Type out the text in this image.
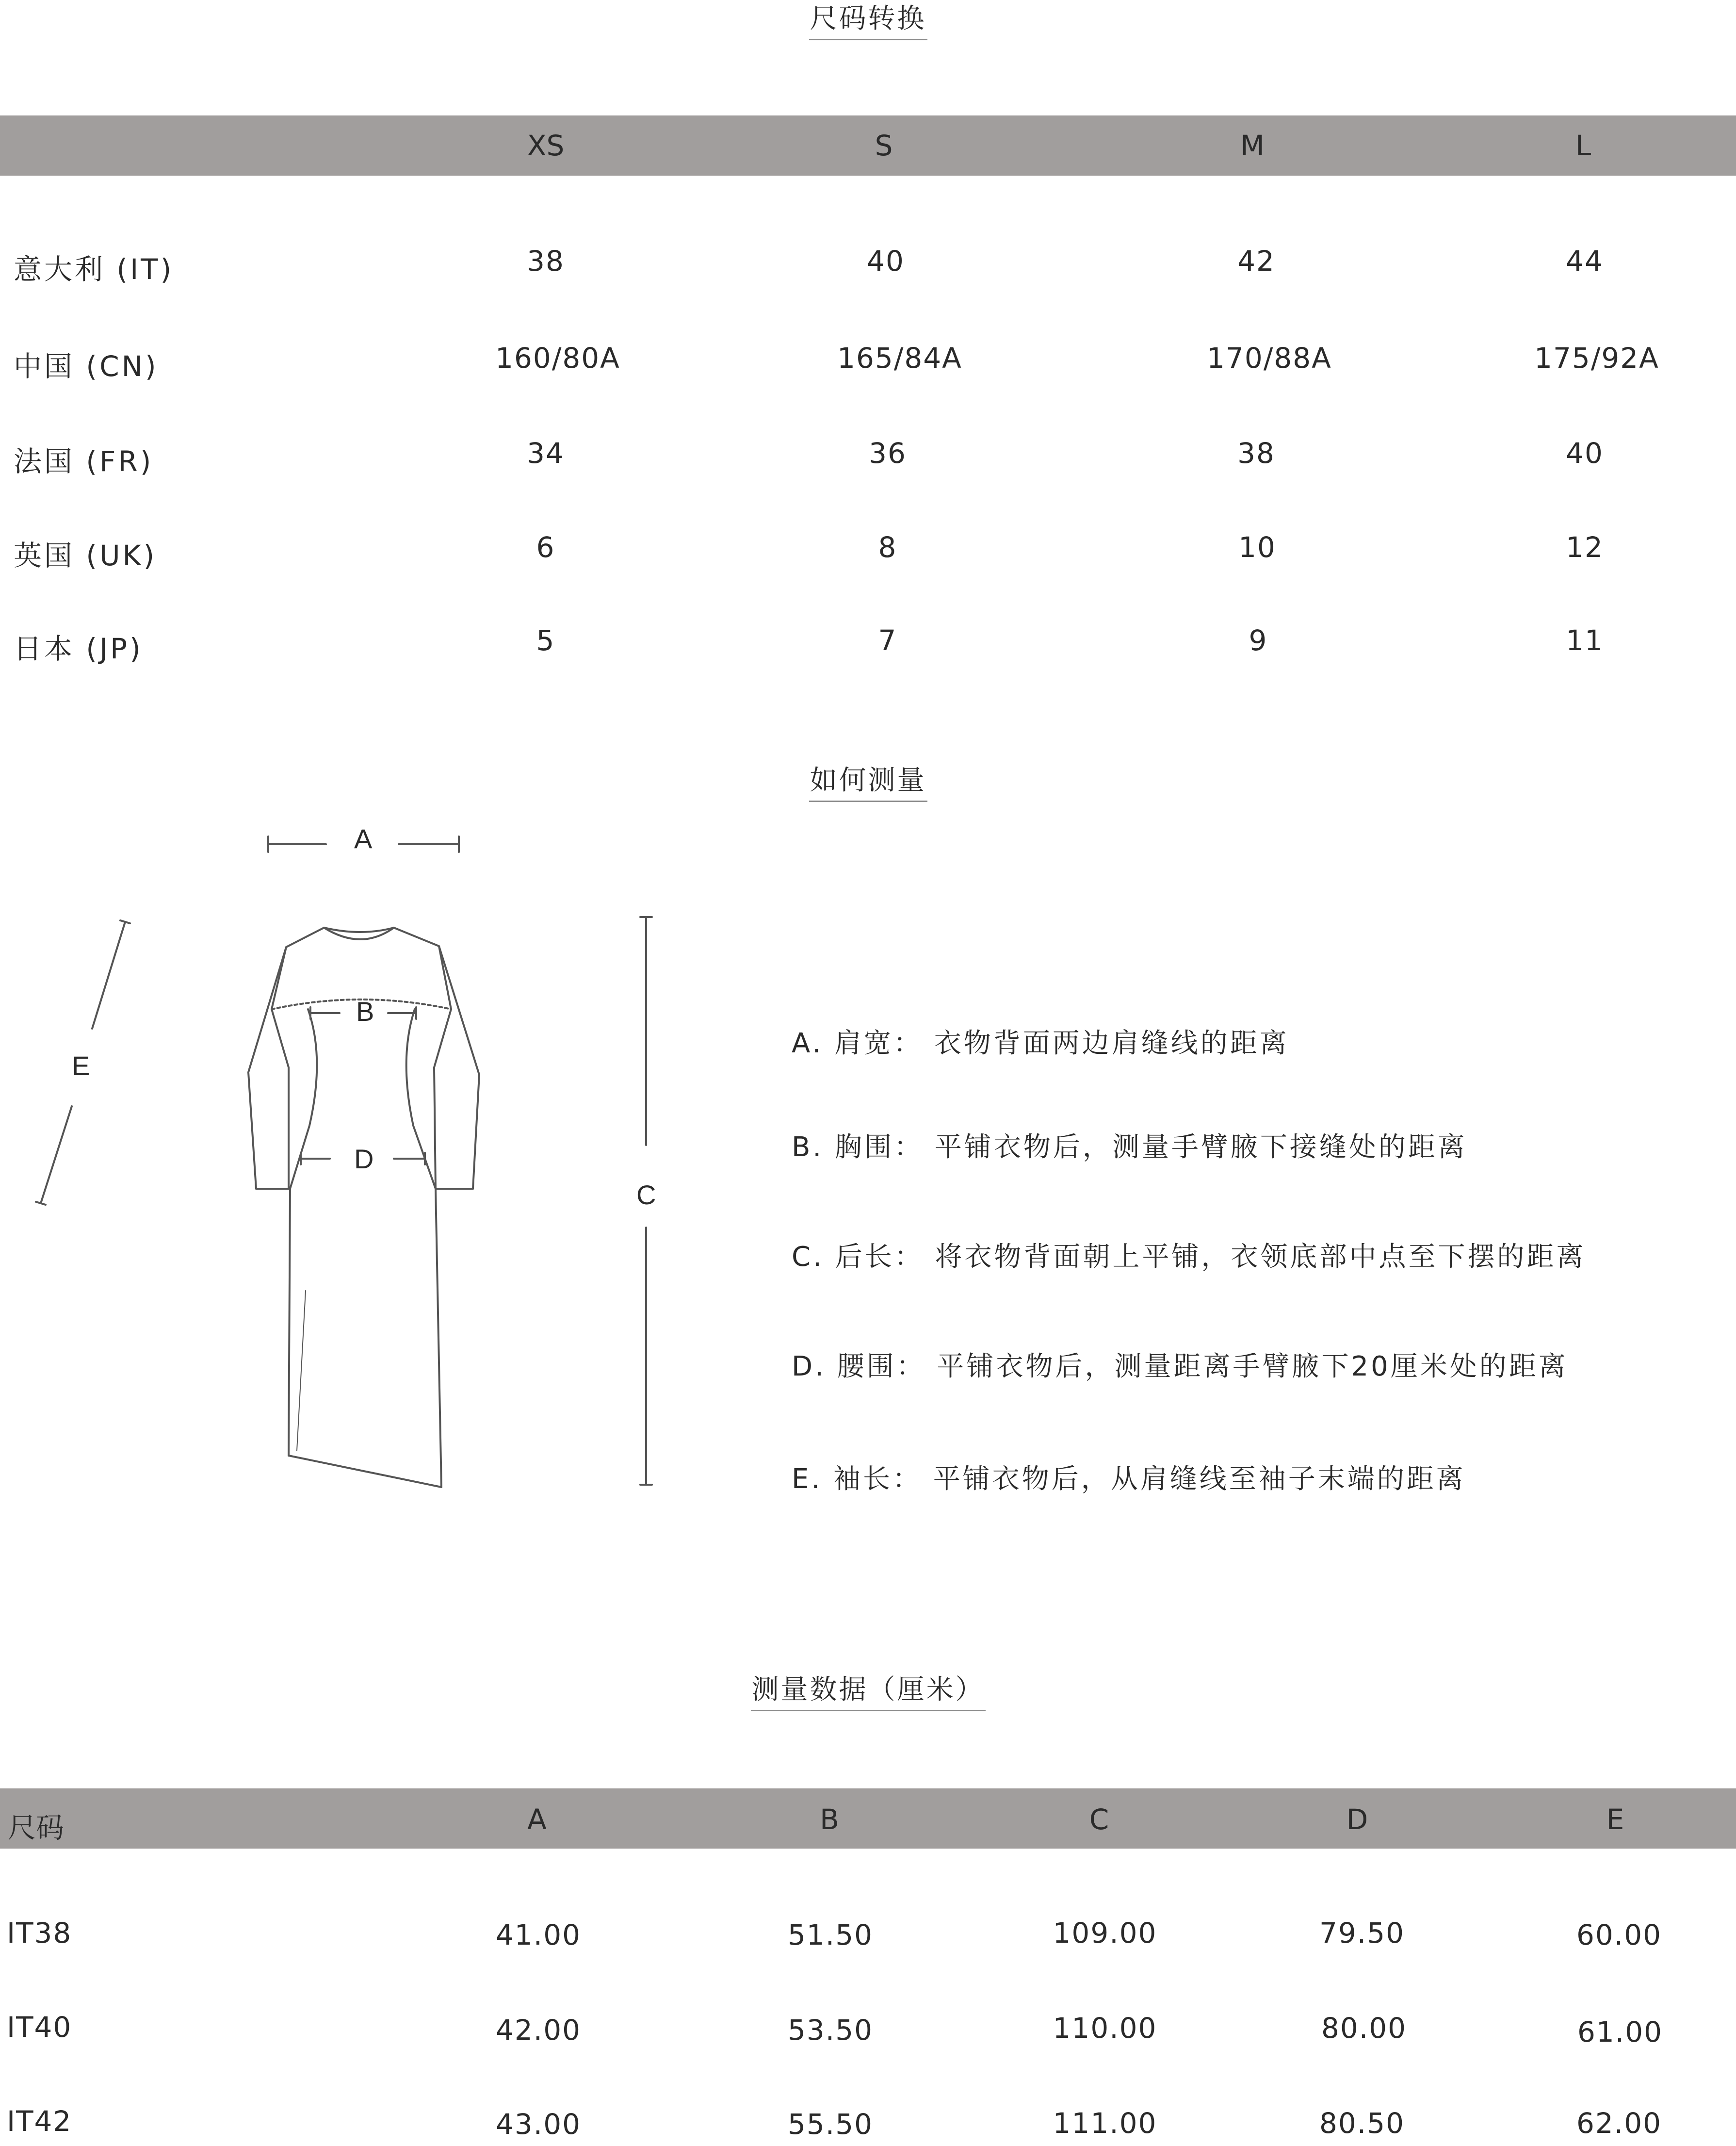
尺码转换
XS	S	M	L
意大利 (IT)	38	40	42	44
中国 (CN)	160/80A	165/84A	170/88A	175/92A
法国 (FR)	34	36	38	40
英国 (UK)	6	8	10	12
日本 (JP)	5	7	9	11
如何测量
A
B
D
C
E
A. 肩宽： 衣物背面两边肩缝线的距离
B. 胸围： 平铺衣物后，测量手臂腋下接缝处的距离
C. 后长： 将衣物背面朝上平铺，衣领底部中点至下摆的距离
D. 腰围： 平铺衣物后，测量距离手臂腋下20厘米处的距离
E. 袖长： 平铺衣物后，从肩缝线至袖子末端的距离
测量数据（厘米）
尺码	A	B	C	D	E
IT38	41.00	51.50	109.00	79.50	60.00
IT40	42.00	53.50	110.00	80.00	61.00
IT42	43.00	55.50	111.00	80.50	62.00
